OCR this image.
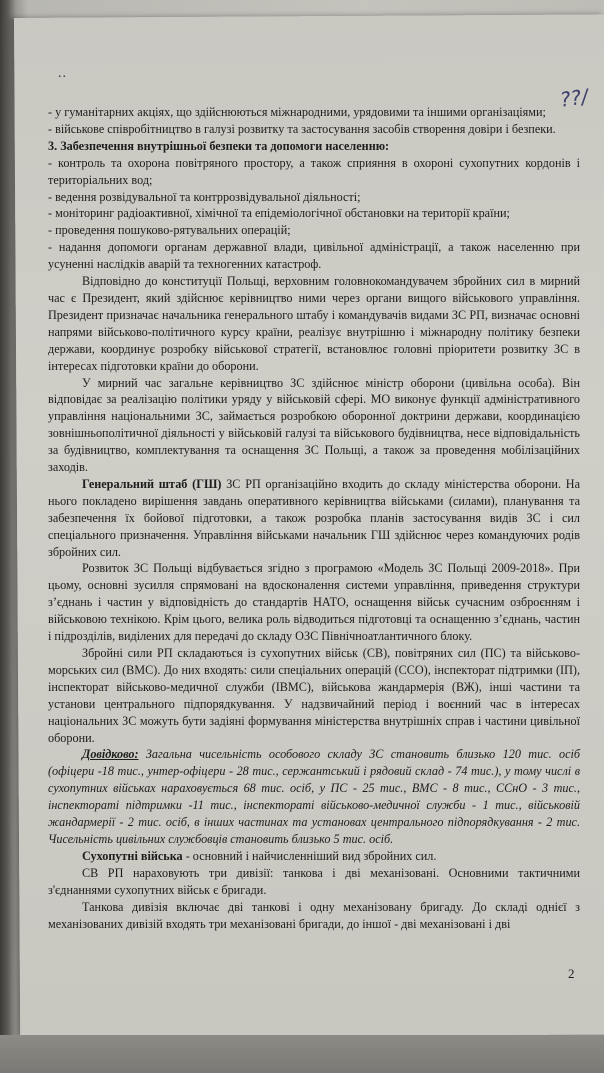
..
??/

- у гуманітарних акціях, що здійснюються міжнародними, урядовими та іншими організаціями;

- військове співробітництво в галузі розвитку та застосування засобів створення довіри і безпеки.

3. Забезпечення внутрішньої безпеки та допомоги населенню:

- контроль та охорона повітряного простору, а також сприяння в охороні сухопутних кордонів і територіальних вод;

- ведення розвідувальної та контррозвідувальної діяльності;

- моніторинг радіоактивної, хімічної та епідеміологічної обстановки на території країни;

- проведення пошуково-рятувальних операцій;

- надання допомоги органам державної влади, цивільної адміністрації, а також населенню при усуненні наслідків аварій та техногенних катастроф.

Відповідно до конституції Польщі, верховним головнокомандувачем збройних сил в мирний час є Президент, який здійснює керівництво ними через органи вищого військового управління. Президент призначає начальника генерального штабу і командувачів видами ЗС РП, визначає основні напрями військово-політичного курсу країни, реалізує внутрішню і міжнародну політику безпеки держави, координує розробку військової стратегії, встановлює головні пріоритети розвитку ЗС в інтересах підготовки країни до оборони.

У мирний час загальне керівництво ЗС здійснює міністр оборони (цивільна особа). Він відповідає за реалізацію політики уряду у військовій сфері. МО виконує функції адміністративного управління національними ЗС, займається розробкою оборонної доктрини держави, координацією зовнішньополітичної діяльності у військовій галузі та військового будівництва, несе відповідальність за будівництво, комплектування та оснащення ЗС Польщі, а також за проведення мобілізаційних заходів.

Генеральний штаб (ГШ) ЗС РП організаційно входить до складу міністерства оборони. На нього покладено вирішення завдань оперативного керівництва військами (силами), планування та забезпечення їх бойової підготовки, а також розробка планів застосування видів ЗС і сил спеціального призначення. Управління військами начальник ГШ здійснює через командуючих родів збройних сил.

Розвиток ЗС Польщі відбувається згідно з програмою «Модель ЗС Польщі 2009-2018». При цьому, основні зусилля спрямовані на вдосконалення системи управління, приведення структури з’єднань і частин у відповідність до стандартів НАТО, оснащення військ сучасним озброєнням і військовою технікою. Крім цього, велика роль відводиться підготовці та оснащенню з’єднань, частин і підрозділів, виділених для передачі до складу ОЗС Північноатлантичного блоку.

Збройні сили РП складаються із сухопутних військ (СВ), повітряних сил (ПС) та військово-морських сил (ВМС). До них входять: сили спеціальних операцій (ССО), інспекторат підтримки (ІП), інспекторат військово-медичної служби (ІВМС), військова жандармерія (ВЖ), інші частини та установи центрального підпорядкування. У надзвичайний період і воєнний час в інтересах національних ЗС можуть бути задіяні формування міністерства внутрішніх справ і частини цивільної оборони.

Довідково: Загальна чисельність особового складу ЗС становить близько 120 тис. осіб (офіцери -18 тис., унтер-офіцери - 28 тис., сержантський і рядовий склад - 74 тис.), у тому числі в сухопутних військах нараховується 68 тис. осіб, у ПС - 25 тис., ВМС - 8 тис., ССнО - 3 тис., інспектораті підтримки -11 тис., інспектораті військово-медичної служби - 1 тис., військовій жандармерії - 2 тис. осіб, в інших частинах та установах центрального підпорядкування - 2 тис. Чисельність цивільних службовців становить близько 5 тис. осіб.

Сухопутні війська - основний і найчисленніший вид збройних сил.

СВ РП нараховують три дивізії: танкова і дві механізовані. Основними тактичними з'єднаннями сухопутних військ є бригади.

Танкова дивізія включає дві танкові і одну механізовану бригаду. До складі однієї з механізованих дивізій входять три механізовані бригади, до іншої - дві механізовані і дві

2
